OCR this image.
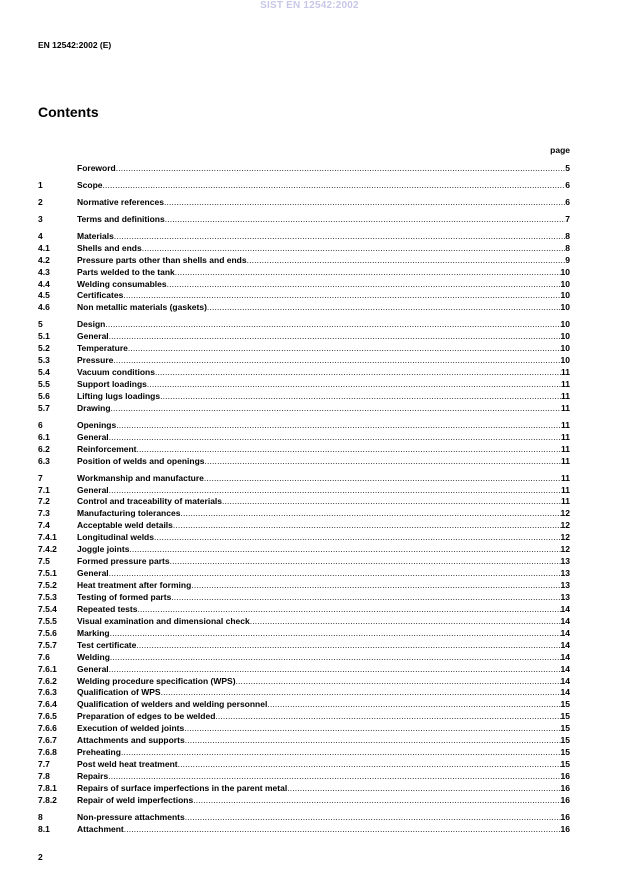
SIST EN 12542:2002
EN 12542:2002 (E)
Contents
page
Foreword .....	5
1	Scope .....	6
2	Normative references .....	6
3	Terms and definitions .....	7
4	Materials .....	8
4.1	Shells and ends .....	8
4.2	Pressure parts other than shells and ends .....	9
4.3	Parts welded to the tank .....	10
4.4	Welding consumables .....	10
4.5	Certificates .....	10
4.6	Non metallic materials (gaskets) .....	10
5	Design .....	10
5.1	General .....	10
5.2	Temperature .....	10
5.3	Pressure .....	10
5.4	Vacuum conditions .....	11
5.5	Support loadings .....	11
5.6	Lifting lugs loadings .....	11
5.7	Drawing .....	11
6	Openings .....	11
6.1	General .....	11
6.2	Reinforcement .....	11
6.3	Position of welds and openings .....	11
7	Workmanship and manufacture .....	11
7.1	General .....	11
7.2	Control and traceability of materials .....	11
7.3	Manufacturing tolerances .....	12
7.4	Acceptable weld details .....	12
7.4.1	Longitudinal welds .....	12
7.4.2	Joggle joints .....	12
7.5	Formed pressure parts .....	13
7.5.1	General .....	13
7.5.2	Heat treatment after forming .....	13
7.5.3	Testing of formed parts .....	13
7.5.4	Repeated tests .....	14
7.5.5	Visual examination and dimensional check .....	14
7.5.6	Marking .....	14
7.5.7	Test certificate .....	14
7.6	Welding .....	14
7.6.1	General .....	14
7.6.2	Welding procedure specification (WPS) .....	14
7.6.3	Qualification of WPS .....	14
7.6.4	Qualification of welders and welding personnel .....	15
7.6.5	Preparation of edges to be welded .....	15
7.6.6	Execution of welded joints .....	15
7.6.7	Attachments and supports .....	15
7.6.8	Preheating .....	15
7.7	Post weld heat treatment .....	15
7.8	Repairs .....	16
7.8.1	Repairs of surface imperfections in the parent metal .....	16
7.8.2	Repair of weld imperfections .....	16
8	Non-pressure attachments .....	16
8.1	Attachment .....	16
2
